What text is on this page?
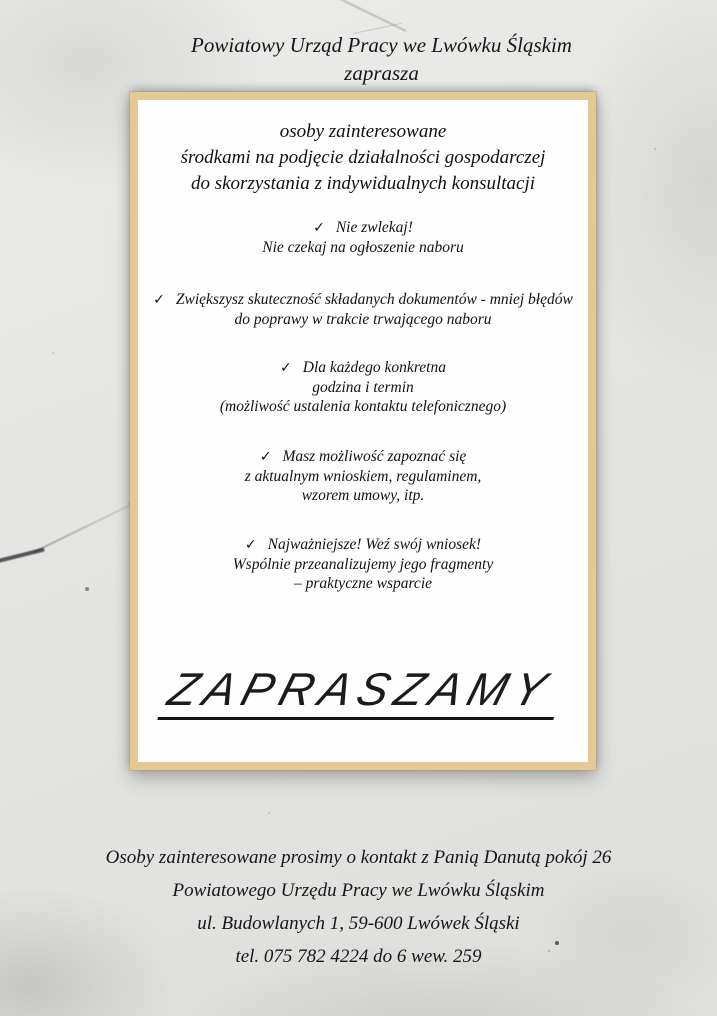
Powiatowy Urząd Pracy we Lwówku Śląskim
zaprasza
osoby zainteresowane
środkami na podjęcie działalności gospodarczej
do skorzystania z indywidualnych konsultacji
✓ Nie zwlekaj!
Nie czekaj na ogłoszenie naboru
✓ Zwiększysz skuteczność składanych dokumentów - mniej błędów
do poprawy w trakcie trwającego naboru
✓ Dla każdego konkretna
godzina i termin
(możliwość ustalenia kontaktu telefonicznego)
✓ Masz możliwość zapoznać się
z aktualnym wnioskiem, regulaminem,
wzorem umowy, itp.
✓ Najważniejsze! Weź swój wniosek!
Wspólnie przeanalizujemy jego fragmenty
– praktyczne wsparcie
ZAPRASZAMY
Osoby zainteresowane prosimy o kontakt z Panią Danutą pokój 26
Powiatowego Urzędu Pracy we Lwówku Śląskim
ul. Budowlanych 1, 59-600 Lwówek Śląski
tel. 075 782 4224 do 6 wew. 259
